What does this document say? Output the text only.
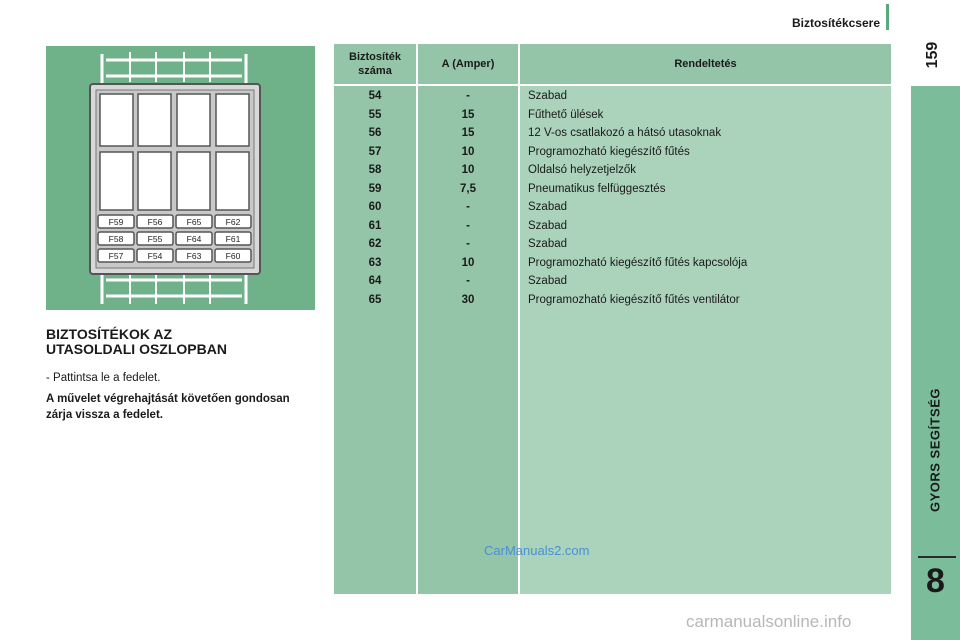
Biztosítékcsere
159
GYORS SEGÍTSÉG
8
F59	F56	F65	F62
F58	F55	F64	F61
F57	F54	F63	F60
BIZTOSÍTÉKOK AZ
UTASOLDALI OSZLOPBAN
- Pattintsa le a fedelet.
A művelet végrehajtását követően gondosan zárja vissza a fedelet.
Biztosíték
száma
A (Amper)	Rendeltetés
54	-	Szabad
55	15	Fűthető ülések
56	15	12 V-os csatlakozó a hátsó utasoknak
57	10	Programozható kiegészítő fűtés
58	10	Oldalsó helyzetjelzők
59	7,5	Pneumatikus felfüggesztés
60	-	Szabad
61	-	Szabad
62	-	Szabad
63	10	Programozható kiegészítő fűtés kapcsolója
64	-	Szabad
65	30	Programozható kiegészítő fűtés ventilátor
CarManuals2.com
carmanualsonline.info
